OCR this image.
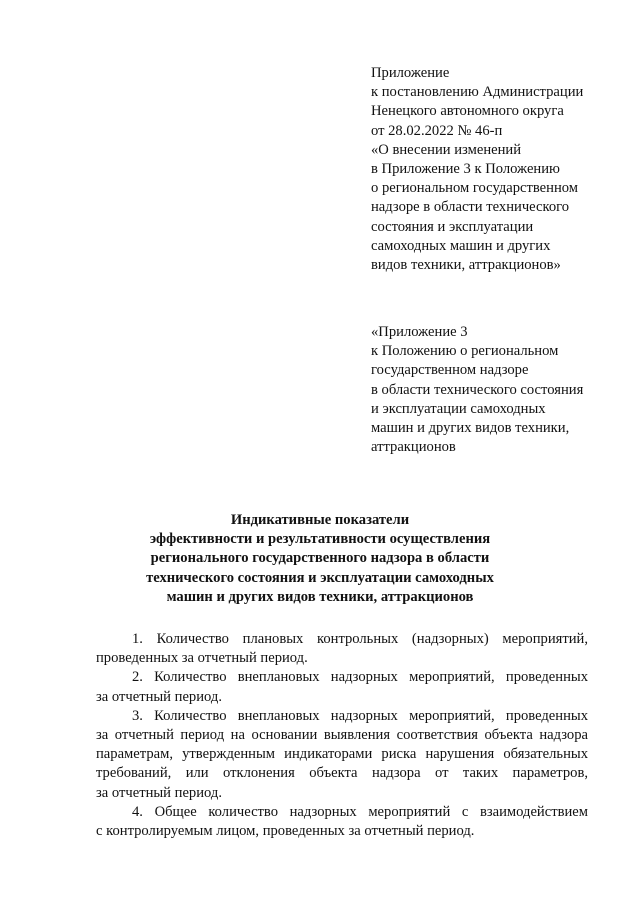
Приложение
к постановлению Администрации
Ненецкого автономного округа
от 28.02.2022 № 46-п
«О внесении изменений
в Приложение 3 к Положению
о региональном государственном
надзоре в области технического
состояния и эксплуатации
самоходных машин и других
видов техники, аттракционов»
«Приложение 3
к Положению о региональном
государственном надзоре
в области технического состояния
и эксплуатации самоходных
машин и других видов техники,
аттракционов
Индикативные показатели
эффективности и результативности осуществления
регионального государственного надзора в области
технического состояния и эксплуатации самоходных
машин и других видов техники, аттракционов

1. Количество плановых контрольных (надзорных) мероприятий,
проведенных за отчетный период.

2. Количество внеплановых надзорных мероприятий, проведенных
за отчетный период.

3. Количество внеплановых надзорных мероприятий, проведенных
за отчетный период на основании выявления соответствия объекта надзора
параметрам, утвержденным индикаторами риска нарушения обязательных
требований, или отклонения объекта надзора от таких параметров,
за отчетный период.

4. Общее количество надзорных мероприятий с взаимодействием
с контролируемым лицом, проведенных за отчетный период.
